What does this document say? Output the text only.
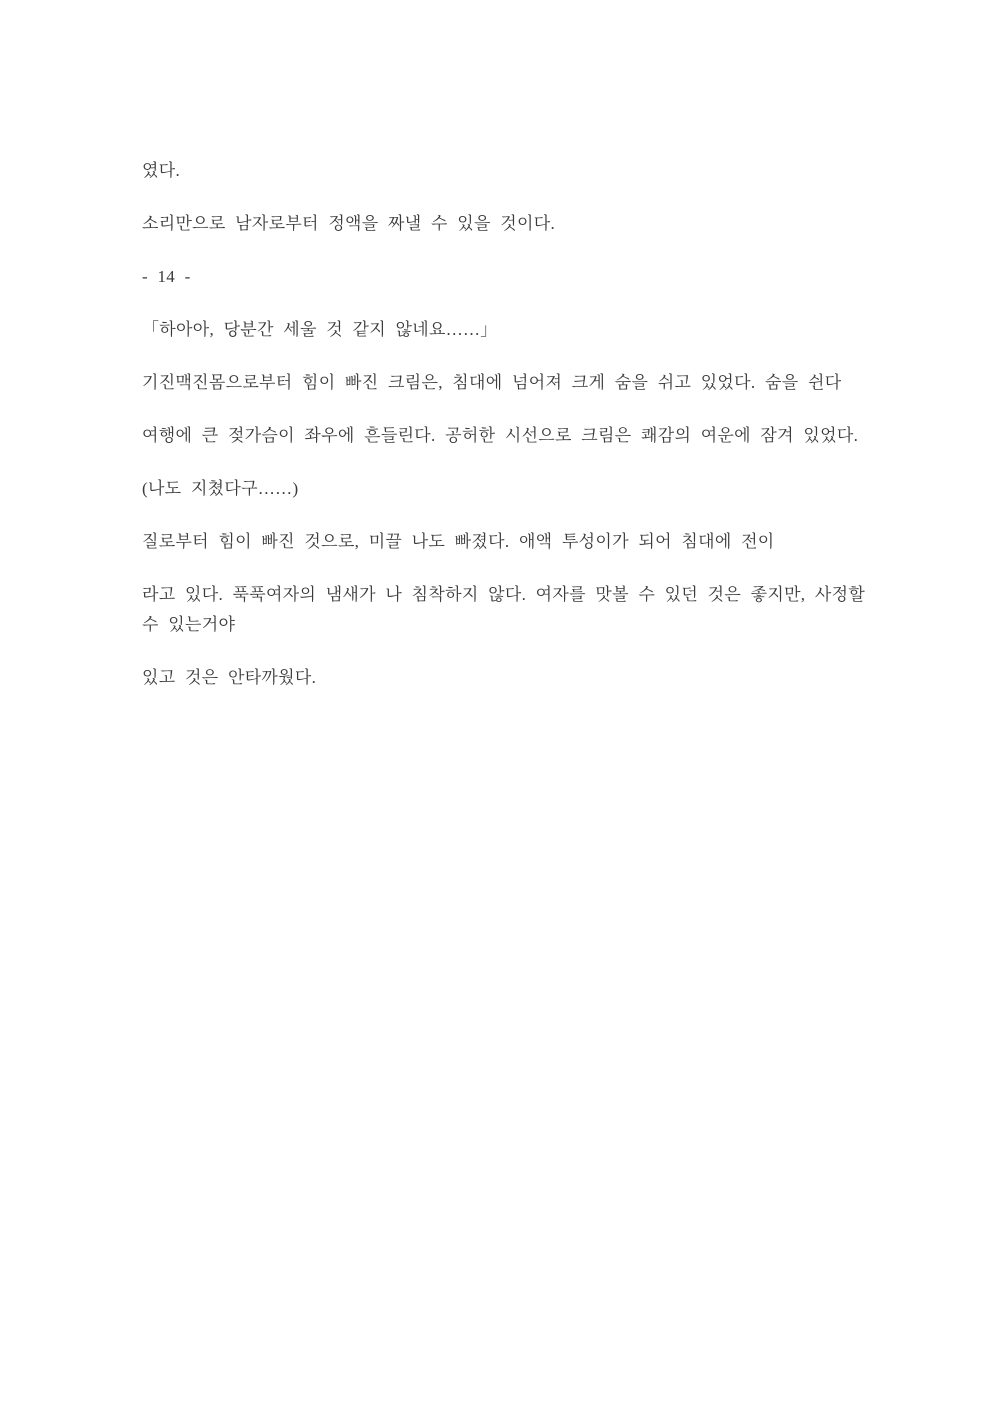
였다.
소리만으로 남자로부터 정액을 짜낼 수 있을 것이다.
- 14 -
「하아아, 당분간 세울 것 같지 않네요……」
기진맥진몸으로부터 힘이 빠진 크림은, 침대에 넘어져 크게 숨을 쉬고 있었다. 숨을 쉰다
여행에 큰 젖가슴이 좌우에 흔들린다. 공허한 시선으로 크림은 쾌감의 여운에 잠겨 있었다.
(나도 지쳤다구……)
질로부터 힘이 빠진 것으로, 미끌 나도 빠졌다. 애액 투성이가 되어 침대에 전이
라고 있다. 푹푹여자의 냄새가 나 침착하지 않다. 여자를 맛볼 수 있던 것은 좋지만, 사정할
수 있는거야
있고 것은 안타까웠다.
